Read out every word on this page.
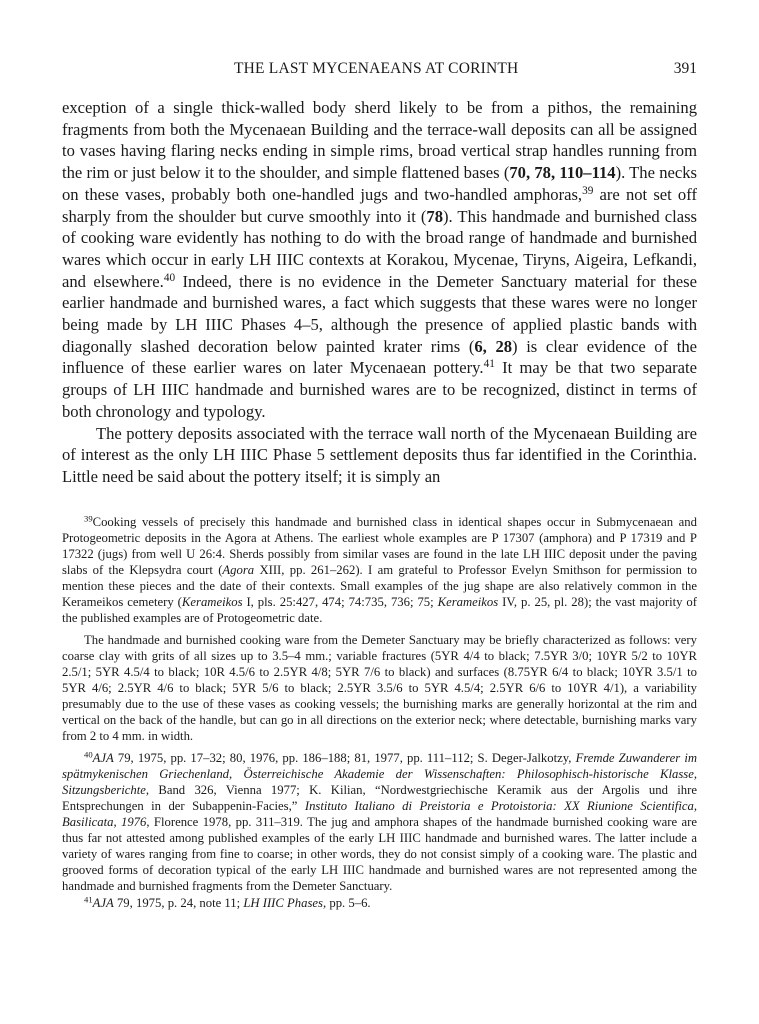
THE LAST MYCENAEANS AT CORINTH	391

exception of a single thick-walled body sherd likely to be from a pithos, the remaining fragments from both the Mycenaean Building and the terrace-wall deposits can all be assigned to vases having flaring necks ending in simple rims, broad vertical strap handles running from the rim or just below it to the shoulder, and simple flattened bases (70, 78, 110–114). The necks on these vases, probably both one-handled jugs and two-handled amphoras,$^{39}$ are not set off sharply from the shoulder but curve smoothly into it (78). This handmade and burnished class of cooking ware evidently has nothing to do with the broad range of handmade and burnished wares which occur in early LH IIIC contexts at Korakou, Mycenae, Tiryns, Aigeira, Lefkandi, and elsewhere.$^{40}$ Indeed, there is no evidence in the Demeter Sanctuary material for these earlier handmade and burnished wares, a fact which suggests that these wares were no longer being made by LH IIIC Phases 4–5, although the presence of applied plastic bands with diagonally slashed decoration below painted krater rims (6, 28) is clear evidence of the influence of these earlier wares on later Mycenaean pottery.$^{41}$ It may be that two separate groups of LH IIIC handmade and burnished wares are to be recognized, distinct in terms of both chronology and typology.

The pottery deposits associated with the terrace wall north of the Mycenaean Building are of interest as the only LH IIIC Phase 5 settlement deposits thus far identified in the Corinthia. Little need be said about the pottery itself; it is simply an

$^{39}$Cooking vessels of precisely this handmade and burnished class in identical shapes occur in Submycenaean and Protogeometric deposits in the Agora at Athens. The earliest whole examples are P 17307 (amphora) and P 17319 and P 17322 (jugs) from well U 26:4. Sherds possibly from similar vases are found in the late LH IIIC deposit under the paving slabs of the Klepsydra court (Agora XIII, pp. 261–262). I am grateful to Professor Evelyn Smithson for permission to mention these pieces and the date of their contexts. Small examples of the jug shape are also relatively common in the Kerameikos cemetery (Kerameikos I, pls. 25:427, 474; 74:735, 736; 75; Kerameikos IV, p. 25, pl. 28); the vast majority of the published examples are of Protogeometric date.

The handmade and burnished cooking ware from the Demeter Sanctuary may be briefly characterized as follows: very coarse clay with grits of all sizes up to 3.5–4 mm.; variable fractures (5YR 4/4 to black; 7.5YR 3/0; 10YR 5/2 to 10YR 2.5/1; 5YR 4.5/4 to black; 10R 4.5/6 to 2.5YR 4/8; 5YR 7/6 to black) and surfaces (8.75YR 6/4 to black; 10YR 3.5/1 to 5YR 4/6; 2.5YR 4/6 to black; 5YR 5/6 to black; 2.5YR 3.5/6 to 5YR 4.5/4; 2.5YR 6/6 to 10YR 4/1), a variability presumably due to the use of these vases as cooking vessels; the burnishing marks are generally horizontal at the rim and vertical on the back of the handle, but can go in all directions on the exterior neck; where detectable, burnishing marks vary from 2 to 4 mm. in width.

$^{40}$AJA 79, 1975, pp. 17–32; 80, 1976, pp. 186–188; 81, 1977, pp. 111–112; S. Deger-Jalkotzy, Fremde Zuwanderer im spätmykenischen Griechenland, Österreichische Akademie der Wissenschaften: Philosophisch-historische Klasse, Sitzungsberichte, Band 326, Vienna 1977; K. Kilian, “Nordwestgriechische Keramik aus der Argolis und ihre Entsprechungen in der Subappenin-Facies,” Instituto Italiano di Preistoria e Protoistoria: XX Riunione Scientifica, Basilicata, 1976, Florence 1978, pp. 311–319. The jug and amphora shapes of the handmade burnished cooking ware are thus far not attested among published examples of the early LH IIIC handmade and burnished wares. The latter include a variety of wares ranging from fine to coarse; in other words, they do not consist simply of a cooking ware. The plastic and grooved forms of decoration typical of the early LH IIIC handmade and burnished wares are not represented among the handmade and burnished fragments from the Demeter Sanctuary.

$^{41}$AJA 79, 1975, p. 24, note 11; LH IIIC Phases, pp. 5–6.
